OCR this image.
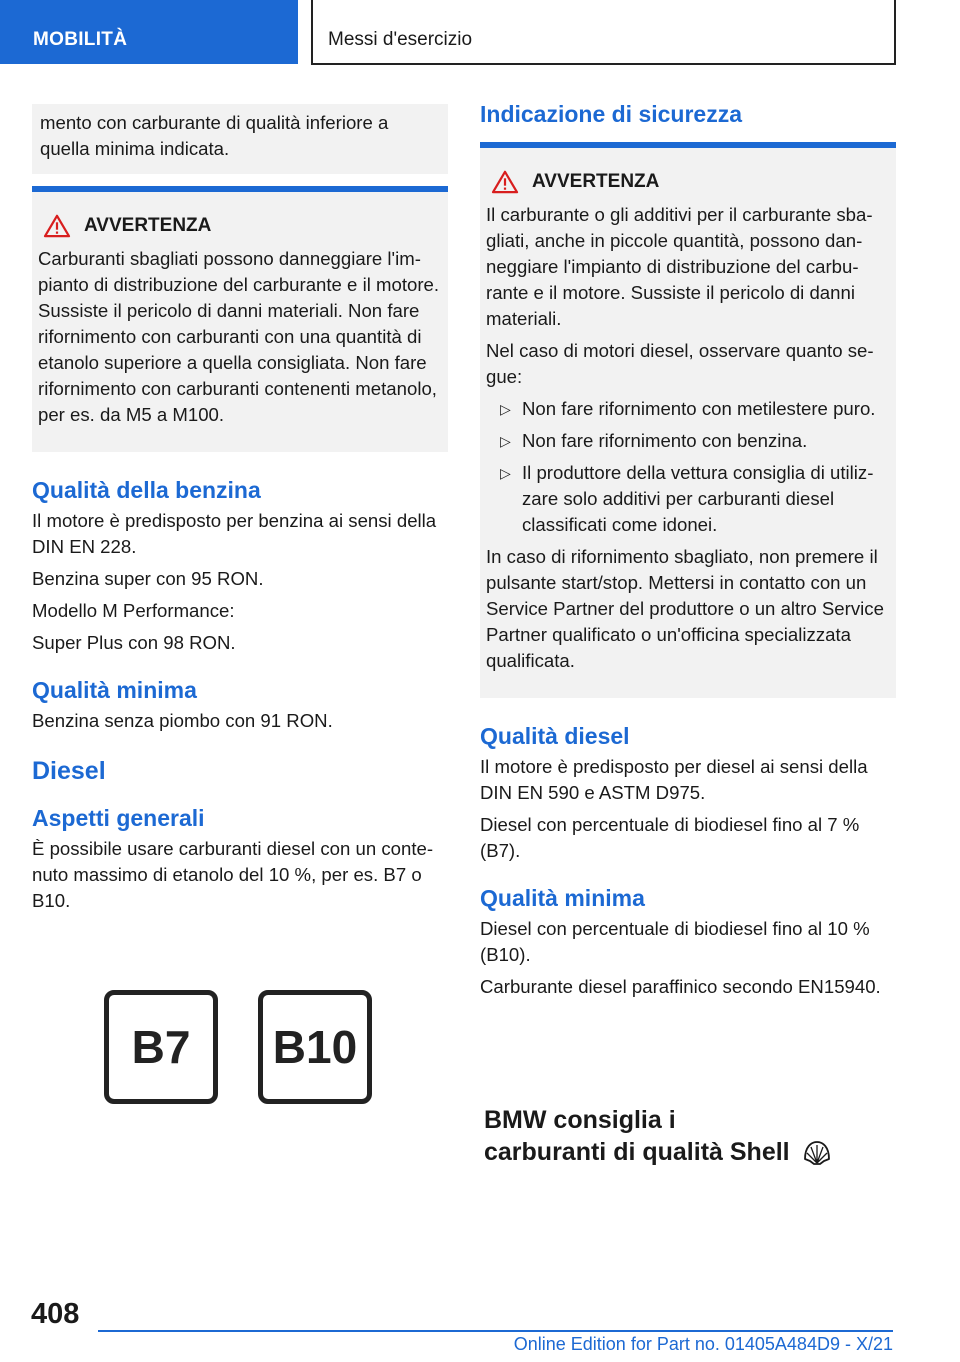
MOBILITÀ	Messi d'esercizio

mento con carburante di qualità inferiore a quella minima indicata.

AVVERTENZA

Carburanti sbagliati possono danneggiare l'impianto di distribuzione del carburante e il motore. Sussiste il pericolo di danni materiali. Non fare rifornimento con carburanti con una quantità di etanolo superiore a quella consigliata. Non fare rifornimento con carburanti contenenti metanolo, per es. da M5 a M100.

Qualità della benzina

Il motore è predisposto per benzina ai sensi della DIN EN 228.

Benzina super con 95 RON.

Modello M Performance:

Super Plus con 98 RON.

Qualità minima

Benzina senza piombo con 91 RON.

Diesel
Aspetti generali

È possibile usare carburanti diesel con un contenuto massimo di etanolo del 10 %, per es. B7 o B10.

B7	B10
Indicazione di sicurezza
AVVERTENZA

Il carburante o gli additivi per il carburante sbagliati, anche in piccole quantità, possono danneggiare l'impianto di distribuzione del carburante e il motore. Sussiste il pericolo di danni materiali.

Nel caso di motori diesel, osservare quanto segue:

▷ Non fare rifornimento con metilestere puro.
▷ Non fare rifornimento con benzina.
▷ Il produttore della vettura consiglia di utilizzare solo additivi per carburanti diesel classificati come idonei.

In caso di rifornimento sbagliato, non premere il pulsante start/stop. Mettersi in contatto con un Service Partner del produttore o un altro Service Partner qualificato o un'officina specializzata qualificata.

Qualità diesel

Il motore è predisposto per diesel ai sensi della DIN EN 590 e ASTM D975.

Diesel con percentuale di biodiesel fino al 7 % (B7).

Qualità minima

Diesel con percentuale di biodiesel fino al 10 % (B10).

Carburante diesel paraffinico secondo EN15940.

BMW consiglia i
carburanti di qualità Shell
408
Online Edition for Part no. 01405A484D9 - X/21
